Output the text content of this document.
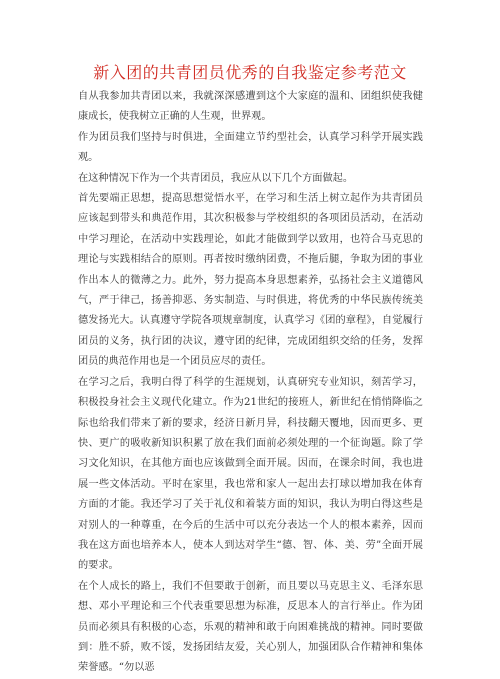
新入团的共青团员优秀的自我鉴定参考范文

自从我参加共青团以来，我就深深感遭到这个大家庭的温和、团组织使我健康成长，使我树立正确的人生观，世界观。

作为团员我们坚持与时俱进，全面建立节约型社会，认真学习科学开展实践观。

在这种情况下作为一个共青团员，我应从以下几个方面做起。

首先要端正思想，提高思想觉悟水平，在学习和生活上树立起作为共青团员应该起到带头和典范作用，其次积极参与学校组织的各项团员活动，在活动中学习理论，在活动中实践理论，如此才能做到学以致用，也符合马克思的理论与实践相结合的原则。再者按时缴纳团费，不拖后腿，争取为团的事业作出本人的微薄之力。此外，努力提高本身思想素养，弘扬社会主义道德风气，严于律己，扬善抑恶、务实制造、与时俱进，将优秀的中华民族传统美德发扬光大。认真遵守学院各项规章制度，认真学习《团的章程》，自觉履行团员的义务，执行团的决议，遵守团的纪律，完成团组织交给的任务，发挥团员的典范作用也是一个团员应尽的责任。

在学习之后，我明白得了科学的生涯规划，认真研究专业知识，刻苦学习，积极投身社会主义现代化建立。作为21世纪的接班人，新世纪在悄悄降临之际也给我们带来了新的要求，经济日新月异，科技翻天覆地，因而更多、更快、更广的吸收新知识积累了放在我们面前必须处理的一个征询题。除了学习文化知识，在其他方面也应该做到全面开展。因而，在课余时间，我也进展一些文体活动。平时在家里，我也常和家人一起出去打球以增加我在体育方面的才能。我还学习了关于礼仪和着装方面的知识，我认为明白得这些是对别人的一种尊重，在今后的生活中可以充分表达一个人的根本素养，因而我在这方面也培养本人，使本人到达对学生“德、智、体、美、劳”全面开展的要求。

在个人成长的路上，我们不但要敢于创新，而且要以马克思主义、毛泽东思想、邓小平理论和三个代表重要思想为标准，反思本人的言行举止。作为团员而必须具有积极的心态，乐观的精神和敢于向困难挑战的精神。同时要做到：胜不骄，败不馁，发扬团结友爱，关心别人，加强团队合作精神和集体荣誉感。“勿以恶
